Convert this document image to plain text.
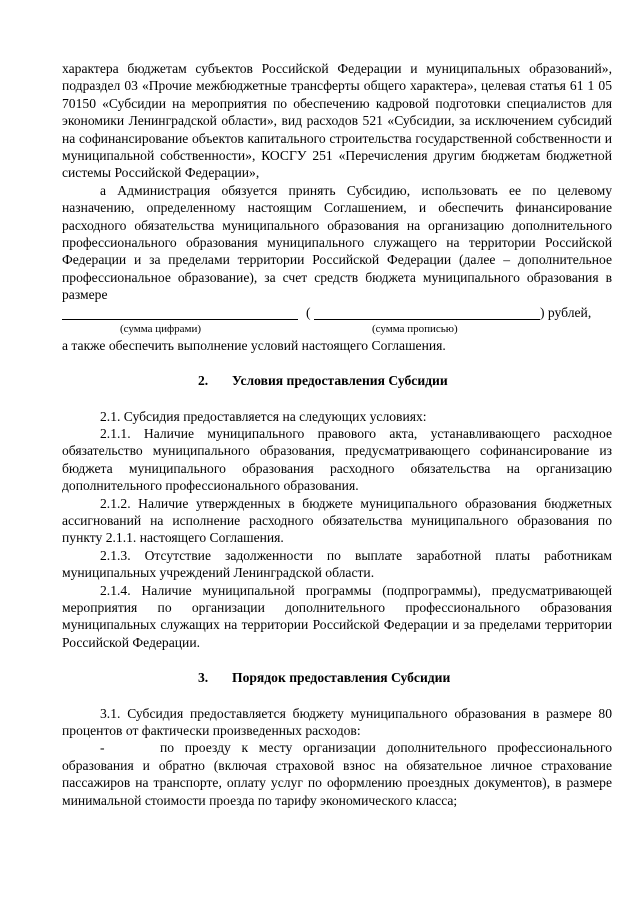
характера бюджетам субъектов Российской Федерации и муниципальных образований», подраздел 03 «Прочие межбюджетные трансферты общего характера», целевая статья 61 1 05 70150 «Субсидии на мероприятия по обеспечению кадровой подготовки специалистов для экономики Ленинградской области», вид расходов 521 «Субсидии, за исключением субсидий на софинансирование объектов капитального строительства государственной собственности и муниципальной собственности», КОСГУ 251 «Перечисления другим бюджетам бюджетной системы Российской Федерации»,

а Администрация обязуется принять Субсидию, использовать ее по целевому назначению, определенному настоящим Соглашением, и обеспечить финансирование расходного обязательства муниципального образования на организацию дополнительного профессионального образования муниципального служащего на территории Российской Федерации и за пределами территории Российской Федерации (далее – дополнительное профессиональное образование), за счет средств бюджета муниципального образования в размере

(	) рублей,
(сумма цифрами)	(сумма прописью)

а также обеспечить выполнение условий настоящего Соглашения.

2. Условия предоставления Субсидии

2.1. Субсидия предоставляется на следующих условиях:

2.1.1. Наличие муниципального правового акта, устанавливающего расходное обязательство муниципального образования, предусматривающего софинансирование из бюджета муниципального образования расходного обязательства на организацию дополнительного профессионального образования.

2.1.2. Наличие утвержденных в бюджете муниципального образования бюджетных ассигнований на исполнение расходного обязательства муниципального образования по пункту 2.1.1. настоящего Соглашения.

2.1.3. Отсутствие задолженности по выплате заработной платы работникам муниципальных учреждений Ленинградской области.

2.1.4. Наличие муниципальной программы (подпрограммы), предусматривающей мероприятия по организации дополнительного профессионального образования муниципальных служащих на территории Российской Федерации и за пределами территории Российской Федерации.

3. Порядок предоставления Субсидии

3.1. Субсидия предоставляется бюджету муниципального образования в размере 80 процентов от фактически произведенных расходов:

-	по проезду к месту организации дополнительного профессионального образования и обратно (включая страховой взнос на обязательное личное страхование пассажиров на транспорте, оплату услуг по оформлению проездных документов), в размере минимальной стоимости проезда по тарифу экономического класса;
